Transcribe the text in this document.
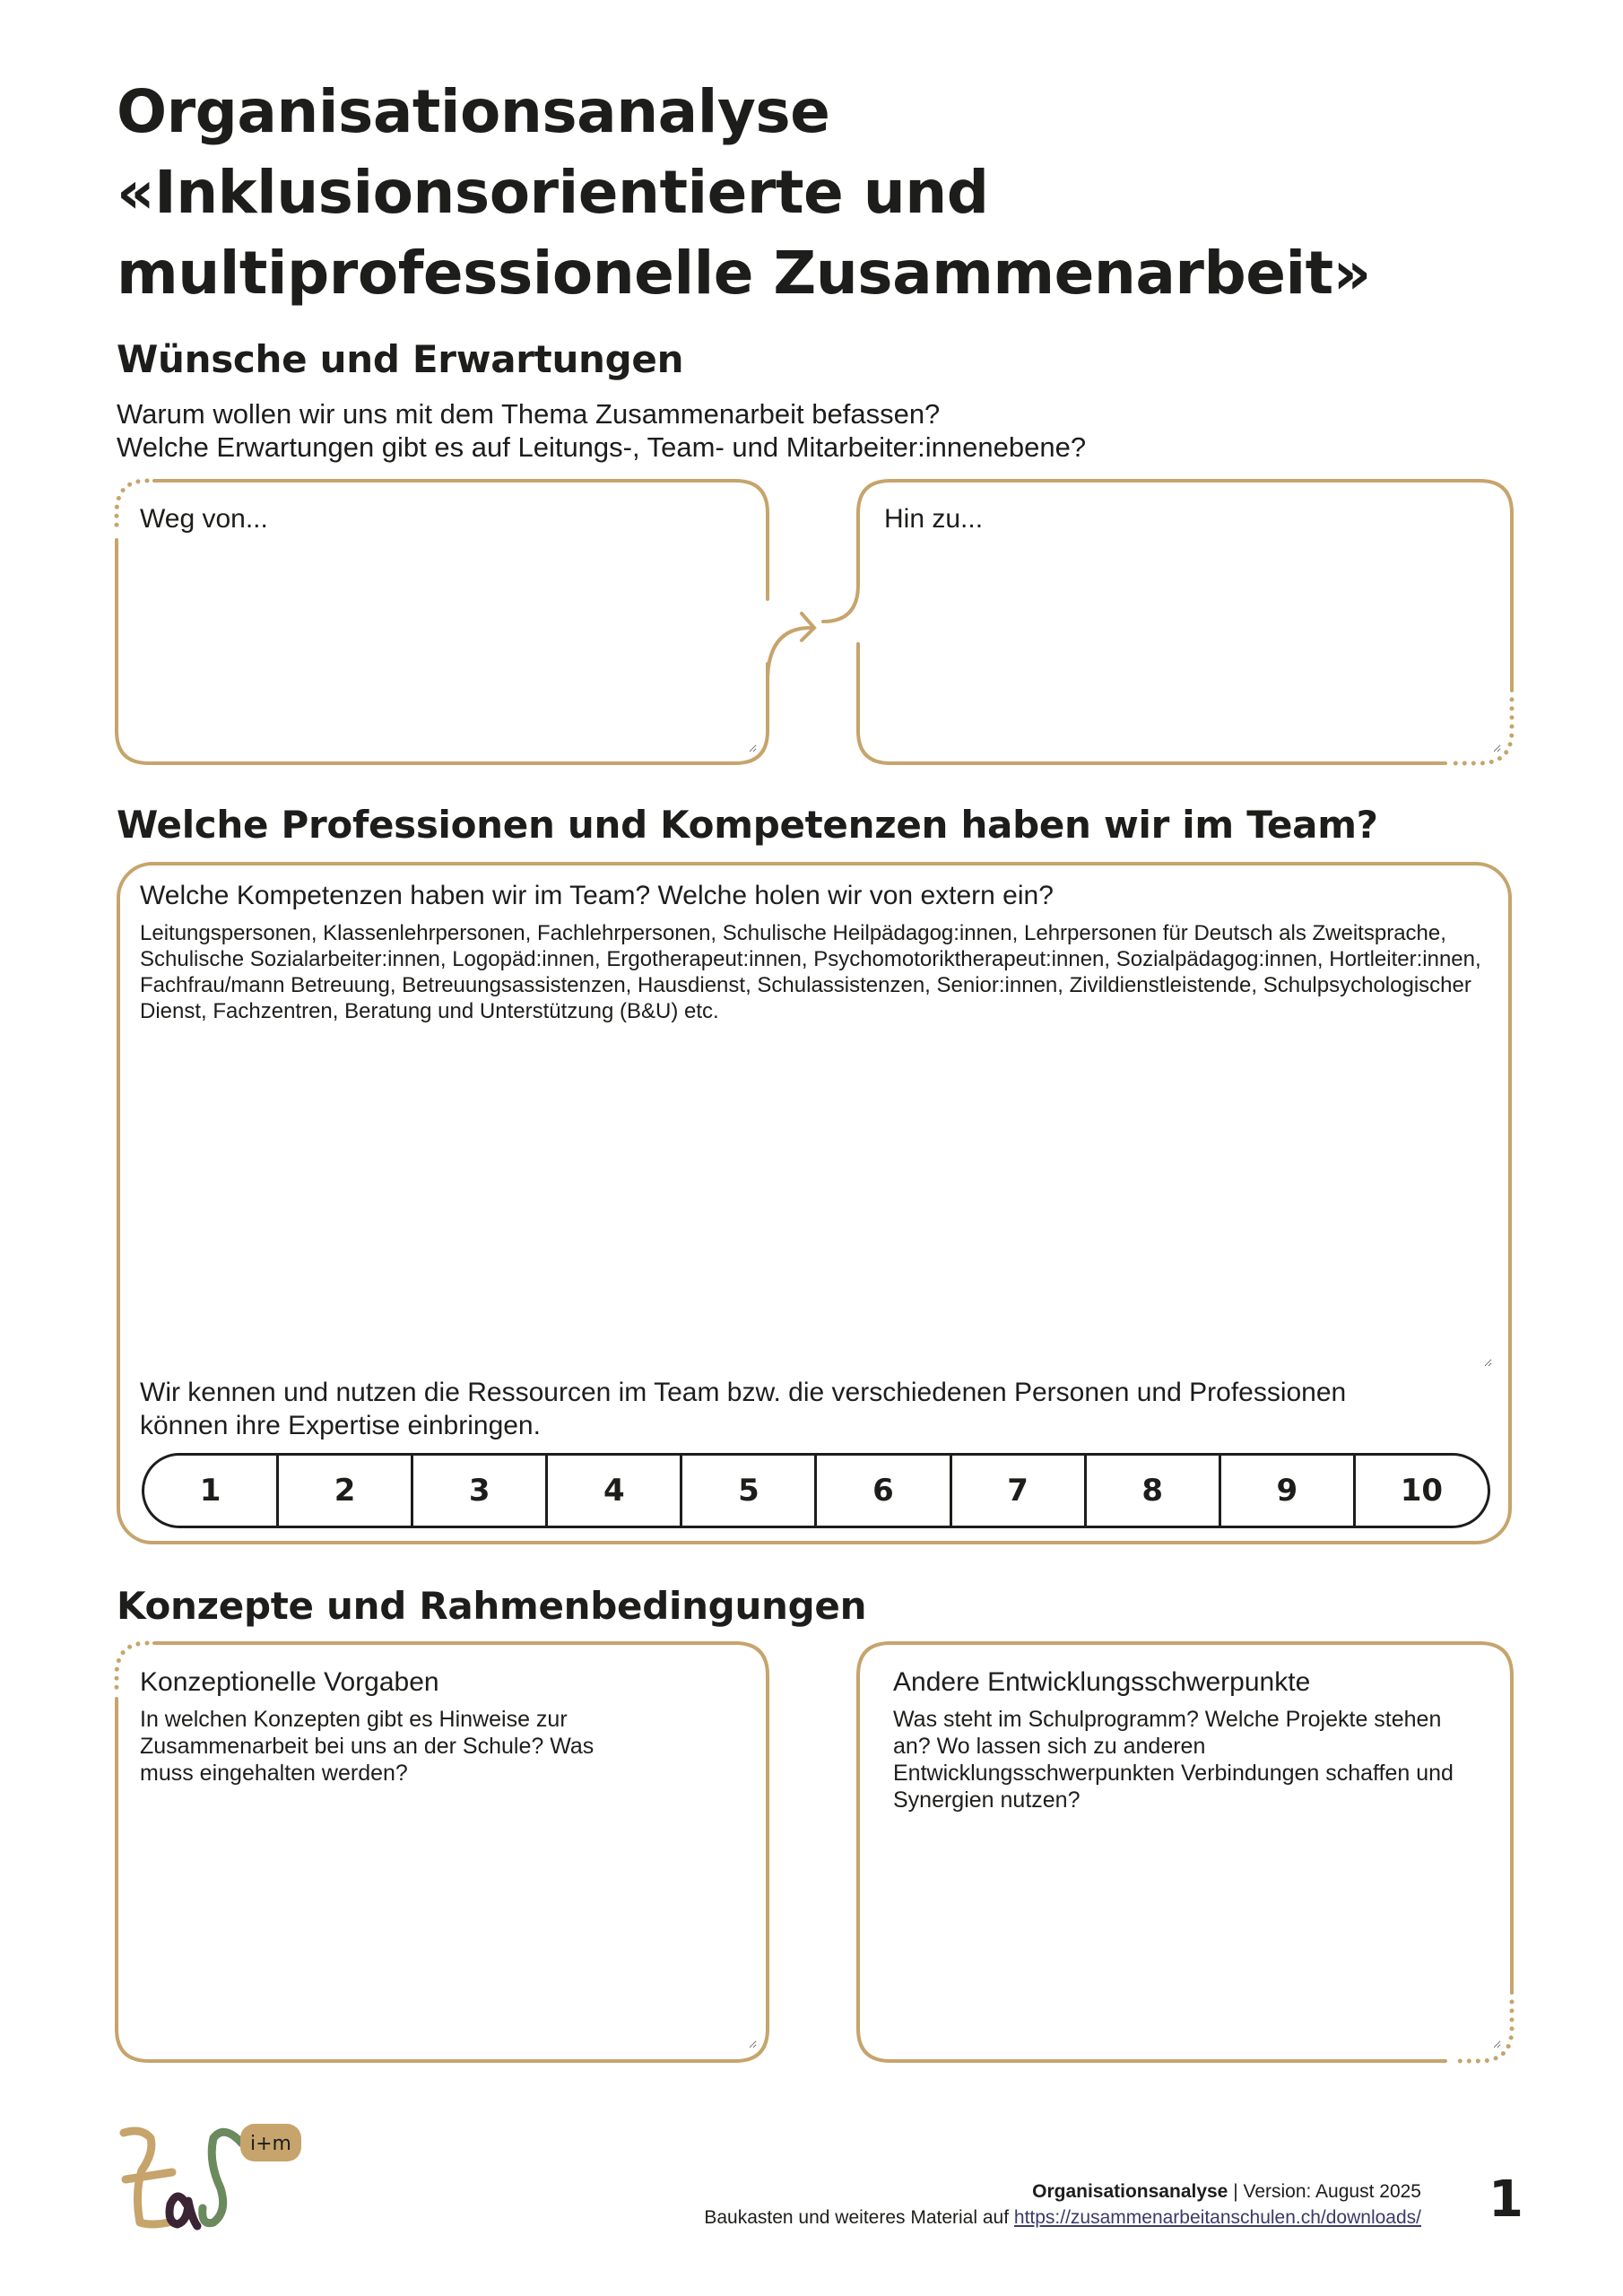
Organisationsanalyse
«Inklusionsorientierte und
multiprofessionelle Zusammenarbeit»
Wünsche und Erwartungen
Warum wollen wir uns mit dem Thema Zusammenarbeit befassen?
Welche Erwartungen gibt es auf Leitungs-, Team- und Mitarbeiter:innenebene?
Weg von...	Hin zu...
Welche Professionen und Kompetenzen haben wir im Team?
Welche Kompetenzen haben wir im Team? Welche holen wir von extern ein?
Leitungspersonen, Klassenlehrpersonen, Fachlehrpersonen, Schulische Heilpädagog:innen, Lehrpersonen für Deutsch als Zweitsprache, Schulische Sozialarbeiter:innen, Logopäd:innen, Ergotherapeut:innen, Psychomotoriktherapeut:innen, Sozialpädagog:innen, Hortleiter:innen, Fachfrau/mann Betreuung, Betreuungsassistenzen, Hausdienst, Schulassistenzen, Senior:innen, Zivildienstleistende, Schulpsychologischer Dienst, Fachzentren, Beratung und Unterstützung (B&U) etc.
Wir kennen und nutzen die Ressourcen im Team bzw. die verschiedenen Personen und Professionen können ihre Expertise einbringen.
1	2	3	4	5	6	7	8	9	10
Konzepte und Rahmenbedingungen
Konzeptionelle Vorgaben
In welchen Konzepten gibt es Hinweise zur Zusammenarbeit bei uns an der Schule? Was muss eingehalten werden?
Andere Entwicklungsschwerpunkte
Was steht im Schulprogramm? Welche Projekte stehen an? Wo lassen sich zu anderen Entwicklungsschwerpunkten Verbindungen schaffen und Synergien nutzen?
i+m
Organisationsanalyse | Version: August 2025
Baukasten und weiteres Material auf https://zusammenarbeitanschulen.ch/downloads/ 1
